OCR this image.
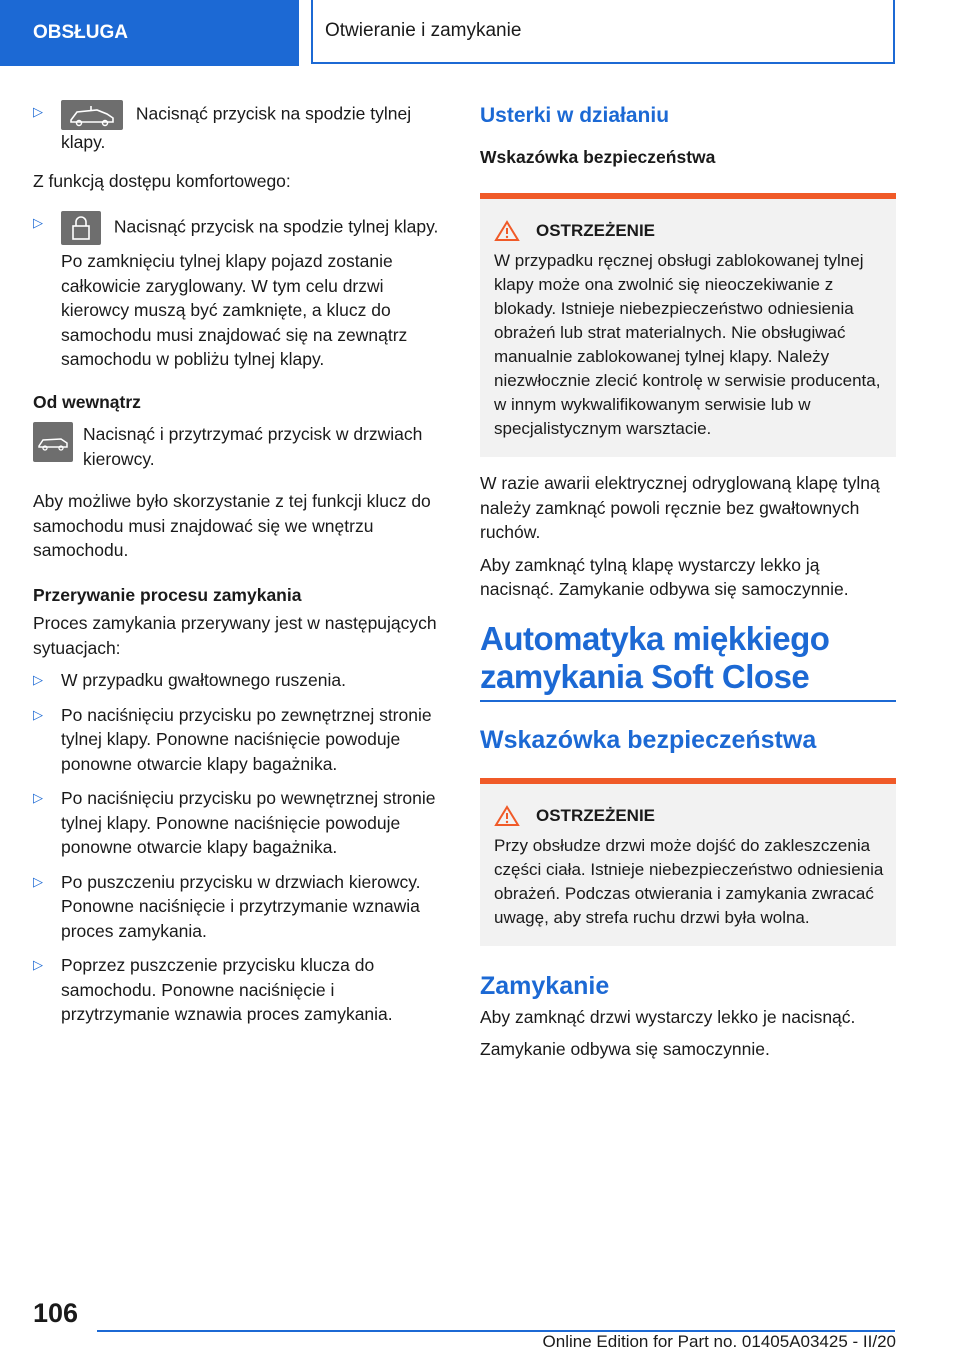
OBSŁUGA	Otwieranie i zamykanie
▷	Nacisnąć przycisk na spodzie tylnej klapy.

Z funkcją dostępu komfortowego:

▷	Nacisnąć przycisk na spodzie tylnej klapy.

Po zamknięciu tylnej klapy pojazd zostanie całkowicie zaryglowany. W tym celu drzwi kierowcy muszą być zamknięte, a klucz do samochodu musi znajdować się na zewnątrz samochodu w pobliżu tylnej klapy.

Od wewnątrz
Nacisnąć i przytrzymać przycisk w drzwiach kierowcy.

Aby możliwe było skorzystanie z tej funkcji klucz do samochodu musi znajdować się we wnętrzu samochodu.

Przerywanie procesu zamykania

Proces zamykania przerywany jest w następujących sytuacjach:

▷ W przypadku gwałtownego ruszenia.
▷ Po naciśnięciu przycisku po zewnętrznej stronie tylnej klapy. Ponowne naciśnięcie powoduje ponowne otwarcie klapy bagażnika.
▷ Po naciśnięciu przycisku po wewnętrznej stronie tylnej klapy. Ponowne naciśnięcie powoduje ponowne otwarcie klapy bagażnika.
▷ Po puszczeniu przycisku w drzwiach kierowcy. Ponowne naciśnięcie i przytrzymanie wznawia proces zamykania.
▷ Poprzez puszczenie przycisku klucza do samochodu. Ponowne naciśnięcie i przytrzymanie wznawia proces zamykania.
Usterki w działaniu
Wskazówka bezpieczeństwa
OSTRZEŻENIE
W przypadku ręcznej obsługi zablokowanej tylnej klapy może ona zwolnić się nieoczekiwanie z blokady. Istnieje niebezpieczeństwo odniesienia obrażeń lub strat materialnych. Nie obsługiwać manualnie zablokowanej tylnej klapy. Należy niezwłocznie zlecić kontrolę w serwisie producenta, w innym wykwalifikowanym serwisie lub w specjalistycznym warsztacie.

W razie awarii elektrycznej odryglowaną klapę tylną należy zamknąć powoli ręcznie bez gwałtownych ruchów.

Aby zamknąć tylną klapę wystarczy lekko ją nacisnąć. Zamykanie odbywa się samoczynnie.

Automatyka miękkiego zamykania Soft Close
Wskazówka bezpieczeństwa
OSTRZEŻENIE
Przy obsłudze drzwi może dojść do zakleszczenia części ciała. Istnieje niebezpieczeństwo odniesienia obrażeń. Podczas otwierania i zamykania zwracać uwagę, aby strefa ruchu drzwi była wolna.
Zamykanie

Aby zamknąć drzwi wystarczy lekko je nacisnąć.

Zamykanie odbywa się samoczynnie.

106
Online Edition for Part no. 01405A03425 - II/20
